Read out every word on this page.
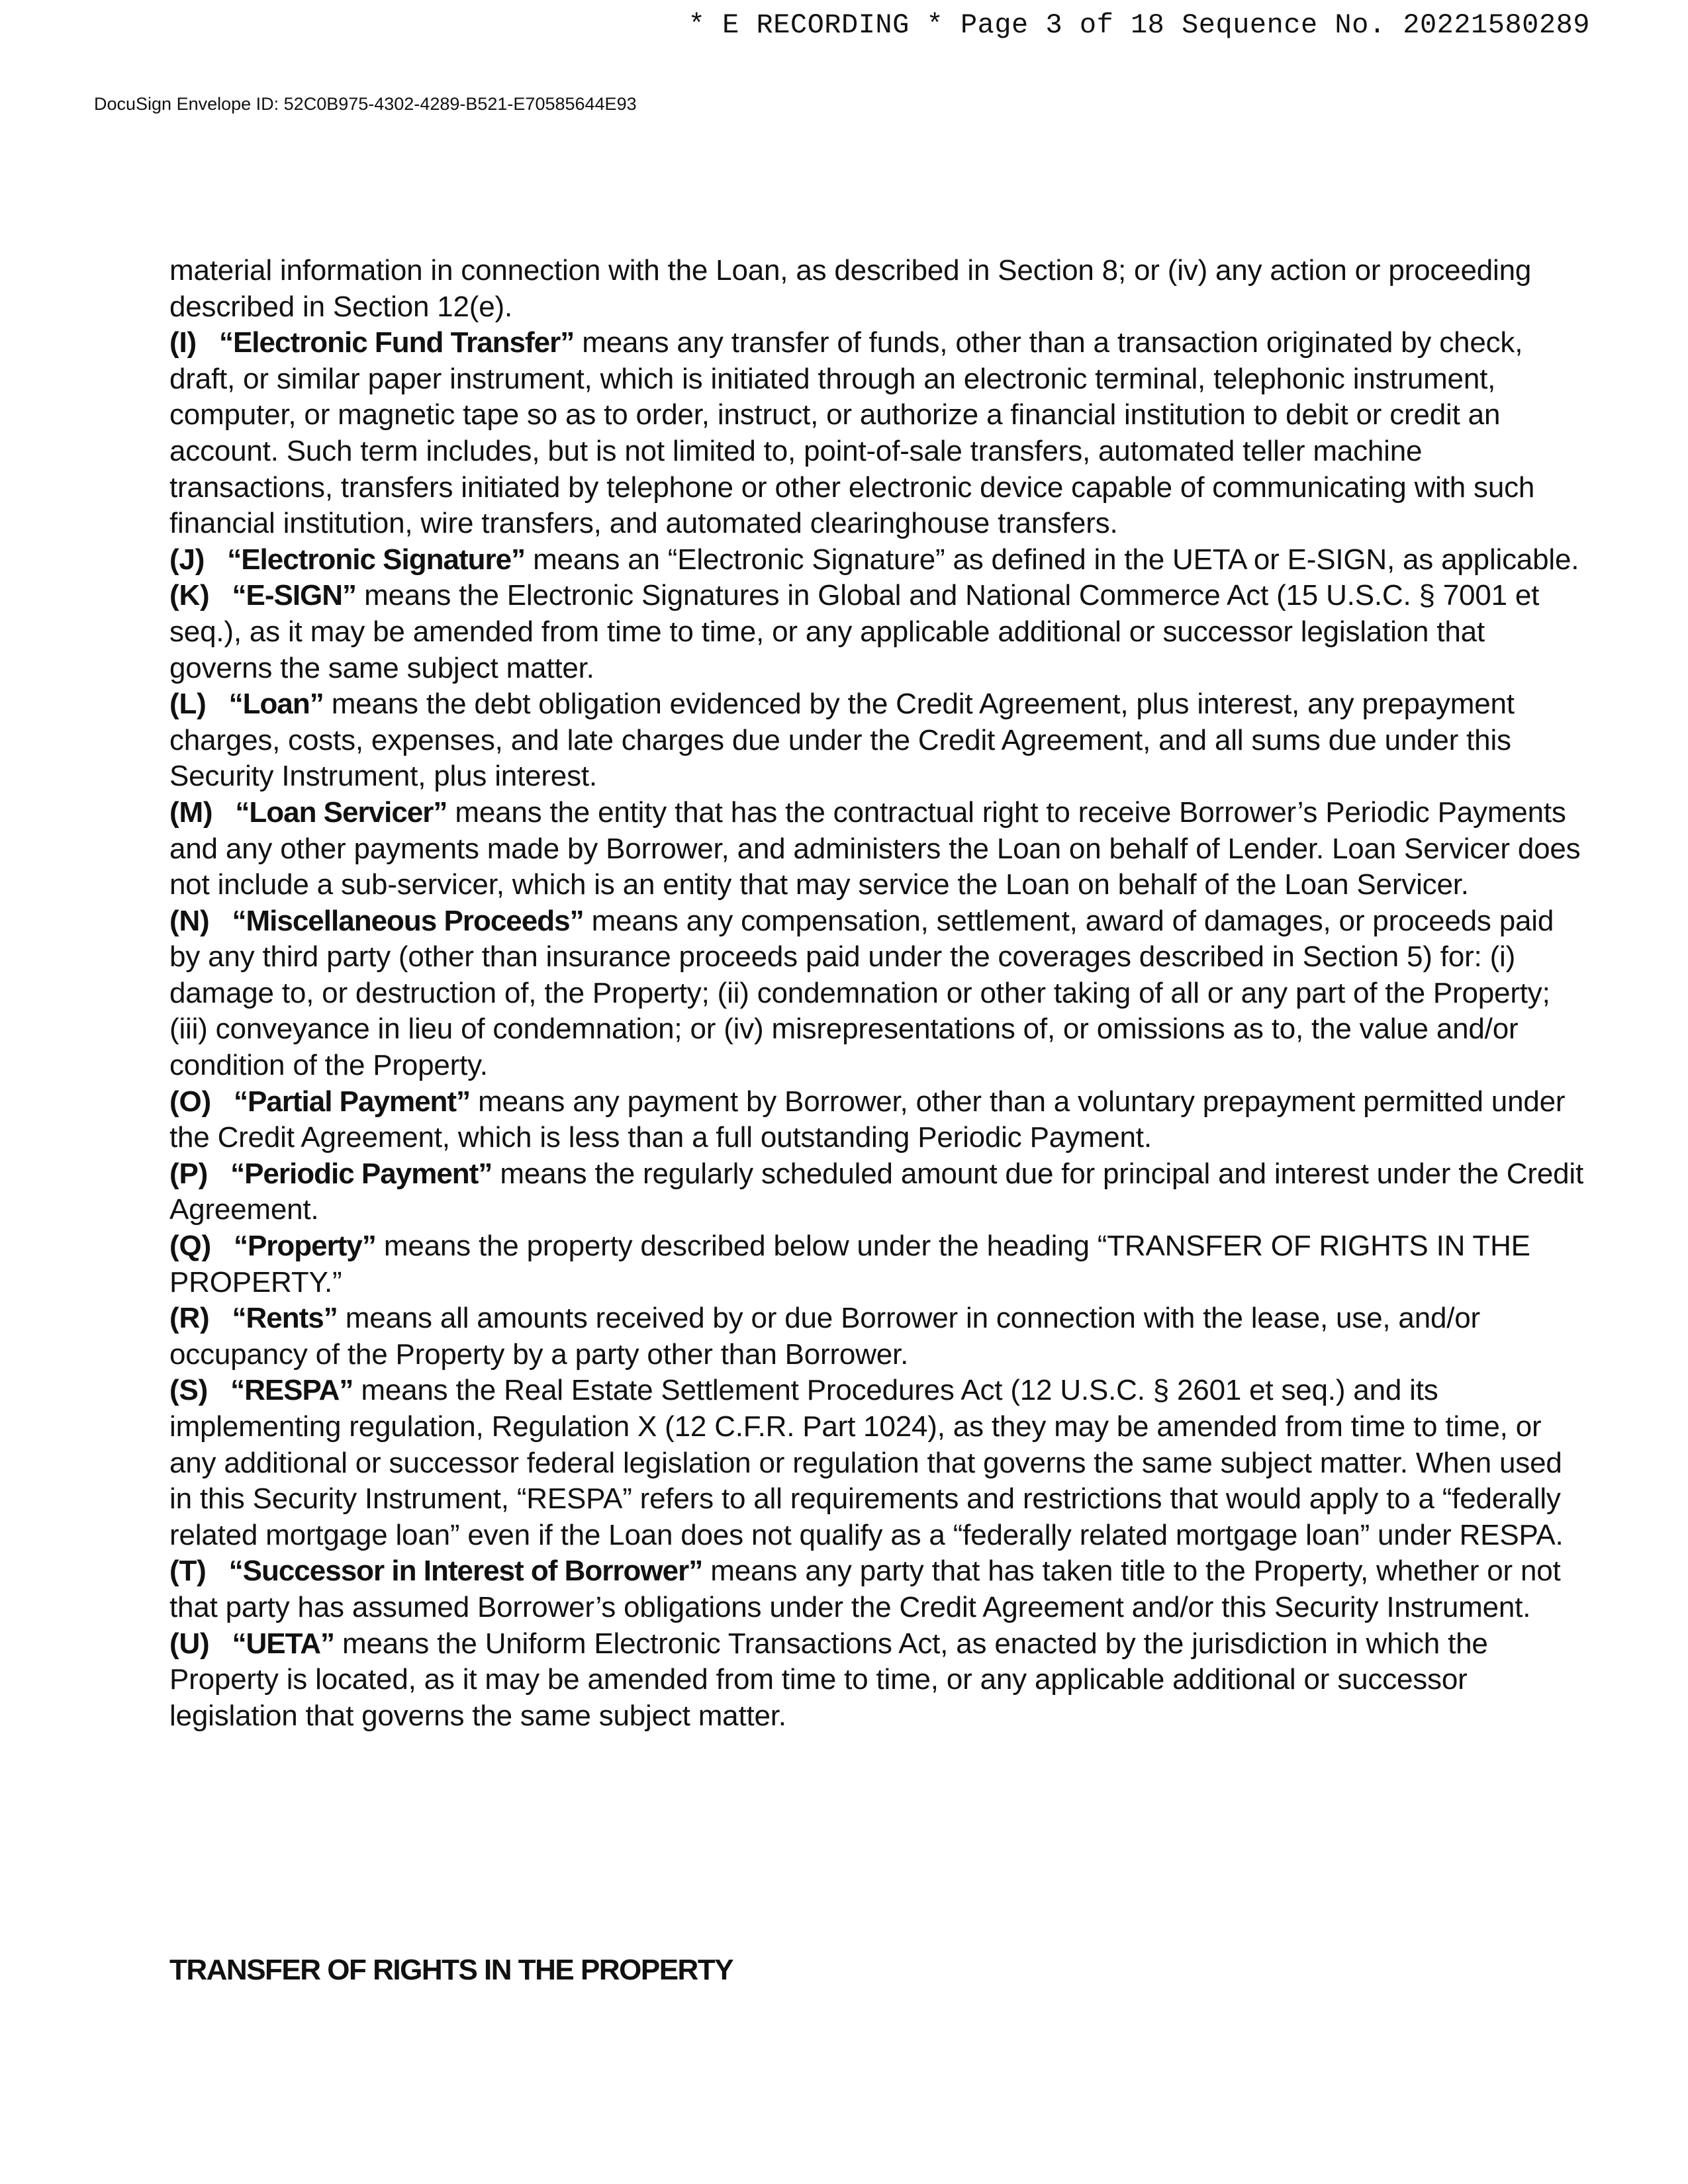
* E RECORDING * Page 3 of 18 Sequence No. 20221580289
DocuSign Envelope ID: 52C0B975-4302-4289-B521-E70585644E93

material information in connection with the Loan, as described in Section 8; or (iv) any action or proceeding described in Section 12(e).

(I) “Electronic Fund Transfer” means any transfer of funds, other than a transaction originated by check, draft, or similar paper instrument, which is initiated through an electronic terminal, telephonic instrument, computer, or magnetic tape so as to order, instruct, or authorize a financial institution to debit or credit an account. Such term includes, but is not limited to, point-of-sale transfers, automated teller machine transactions, transfers initiated by telephone or other electronic device capable of communicating with such financial institution, wire transfers, and automated clearinghouse transfers.

(J) “Electronic Signature” means an “Electronic Signature” as defined in the UETA or E-SIGN, as applicable.

(K) “E-SIGN” means the Electronic Signatures in Global and National Commerce Act (15 U.S.C. § 7001 et seq.), as it may be amended from time to time, or any applicable additional or successor legislation that governs the same subject matter.

(L) “Loan” means the debt obligation evidenced by the Credit Agreement, plus interest, any prepayment charges, costs, expenses, and late charges due under the Credit Agreement, and all sums due under this Security Instrument, plus interest.

(M) “Loan Servicer” means the entity that has the contractual right to receive Borrower’s Periodic Payments and any other payments made by Borrower, and administers the Loan on behalf of Lender. Loan Servicer does not include a sub-servicer, which is an entity that may service the Loan on behalf of the Loan Servicer.

(N) “Miscellaneous Proceeds” means any compensation, settlement, award of damages, or proceeds paid by any third party (other than insurance proceeds paid under the coverages described in Section 5) for: (i) damage to, or destruction of, the Property; (ii) condemnation or other taking of all or any part of the Property; (iii) conveyance in lieu of condemnation; or (iv) misrepresentations of, or omissions as to, the value and/or condition of the Property.

(O) “Partial Payment” means any payment by Borrower, other than a voluntary prepayment permitted under the Credit Agreement, which is less than a full outstanding Periodic Payment.

(P) “Periodic Payment” means the regularly scheduled amount due for principal and interest under the Credit Agreement.

(Q) “Property” means the property described below under the heading “TRANSFER OF RIGHTS IN THE PROPERTY.”

(R) “Rents” means all amounts received by or due Borrower in connection with the lease, use, and/or occupancy of the Property by a party other than Borrower.

(S) “RESPA” means the Real Estate Settlement Procedures Act (12 U.S.C. § 2601 et seq.) and its implementing regulation, Regulation X (12 C.F.R. Part 1024), as they may be amended from time to time, or any additional or successor federal legislation or regulation that governs the same subject matter. When used in this Security Instrument, “RESPA” refers to all requirements and restrictions that would apply to a “federally related mortgage loan” even if the Loan does not qualify as a “federally related mortgage loan” under RESPA.

(T) “Successor in Interest of Borrower” means any party that has taken title to the Property, whether or not that party has assumed Borrower’s obligations under the Credit Agreement and/or this Security Instrument.

(U) “UETA” means the Uniform Electronic Transactions Act, as enacted by the jurisdiction in which the Property is located, as it may be amended from time to time, or any applicable additional or successor legislation that governs the same subject matter.

TRANSFER OF RIGHTS IN THE PROPERTY
